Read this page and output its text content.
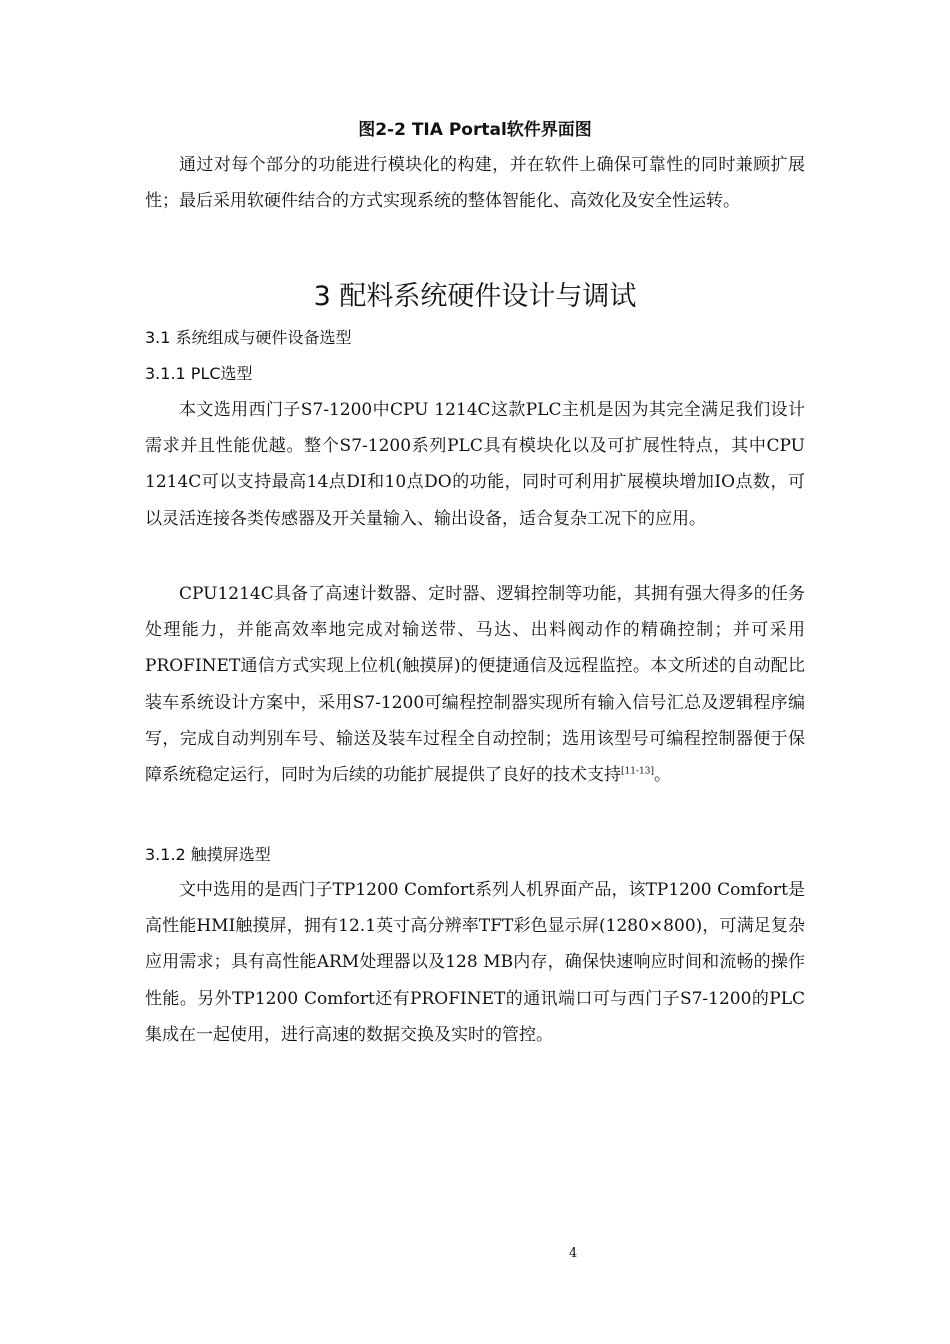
图2-2 TIA Portal软件界面图

通过对每个部分的功能进行模块化的构建，并在软件上确保可靠性的同时兼顾扩展性；最后采用软硬件结合的方式实现系统的整体智能化、高效化及安全性运转。

3 配料系统硬件设计与调试
3.1 系统组成与硬件设备选型
3.1.1 PLC选型

本文选用西门子S7-1200中CPU 1214C这款PLC主机是因为其完全满足我们设计需求并且性能优越。整个S7-1200系列PLC具有模块化以及可扩展性特点，其中CPU 1214C可以支持最高14点DI和10点DO的功能，同时可利用扩展模块增加IO点数，可以灵活连接各类传感器及开关量输入、输出设备，适合复杂工况下的应用。

CPU1214C具备了高速计数器、定时器、逻辑控制等功能，其拥有强大得多的任务处理能力，并能高效率地完成对输送带、马达、出料阀动作的精确控制；并可采用PROFINET通信方式实现上位机(触摸屏)的便捷通信及远程监控。本文所述的自动配比装车系统设计方案中，采用S7-1200可编程控制器实现所有输入信号汇总及逻辑程序编写，完成自动判别车号、输送及装车过程全自动控制；选用该型号可编程控制器便于保障系统稳定运行，同时为后续的功能扩展提供了良好的技术支持[11-13]。

3.1.2 触摸屏选型

文中选用的是西门子TP1200 Comfort系列人机界面产品，该TP1200 Comfort是高性能HMI触摸屏，拥有12.1英寸高分辨率TFT彩色显示屏(1280×800)，可满足复杂应用需求；具有高性能ARM处理器以及128 MB内存，确保快速响应时间和流畅的操作性能。另外TP1200 Comfort还有PROFINET的通讯端口可与西门子S7-1200的PLC集成在一起使用，进行高速的数据交换及实时的管控。

4
